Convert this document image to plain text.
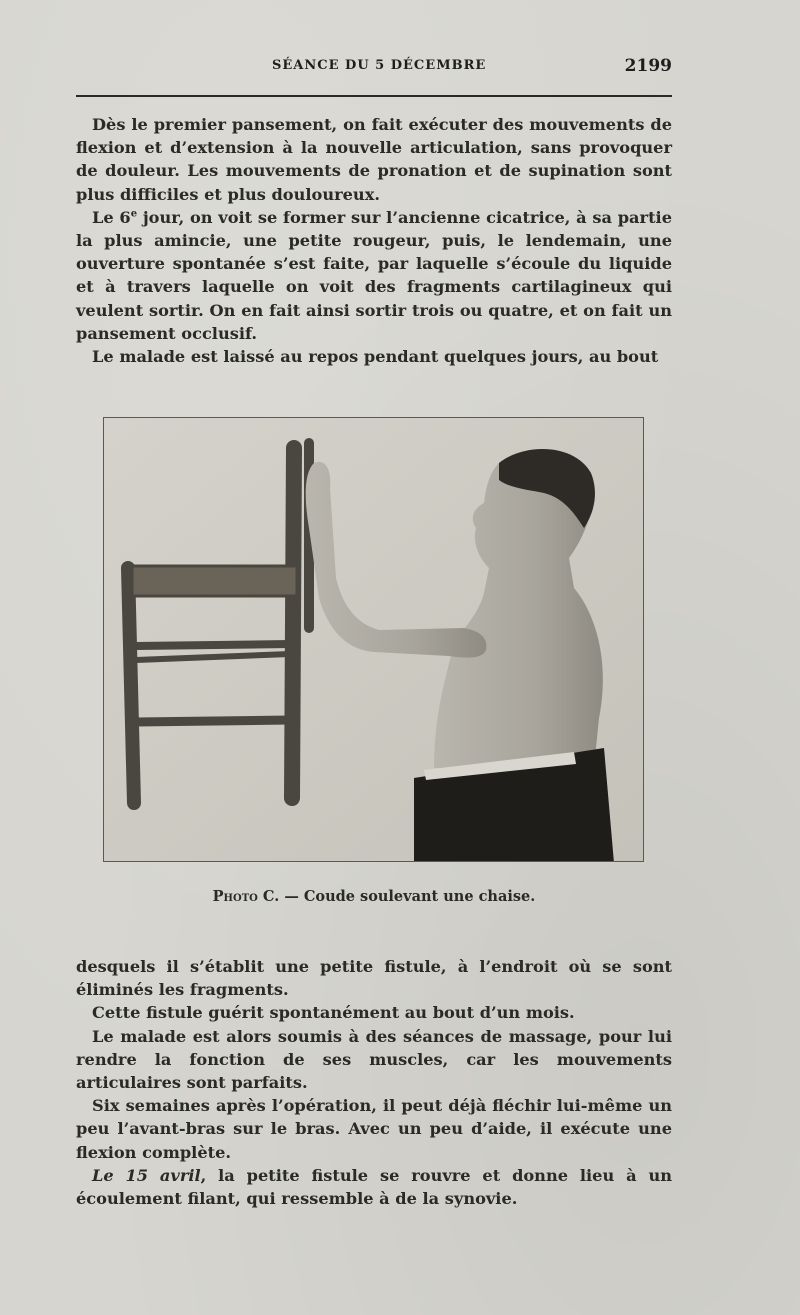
SÉANCE DU 5 DÉCEMBRE	2199

Dès le premier pansement, on fait exécuter des mouvements de flexion et d’extension à la nouvelle articulation, sans provoquer de douleur. Les mouvements de pronation et de supination sont plus difficiles et plus douloureux.

Le 6e jour, on voit se former sur l’ancienne cicatrice, à sa partie la plus amincie, une petite rougeur, puis, le lendemain, une ouverture spontanée s’est faite, par laquelle s’écoule du liquide et à travers laquelle on voit des fragments cartilagineux qui veulent sortir. On en fait ainsi sortir trois ou quatre, et on fait un pansement occlusif.

Le malade est laissé au repos pendant quelques jours, au bout

Photo C. — Coude soulevant une chaise.

desquels il s’établit une petite fistule, à l’endroit où se sont éliminés les fragments.

Cette fistule guérit spontanément au bout d’un mois.

Le malade est alors soumis à des séances de massage, pour lui rendre la fonction de ses muscles, car les mouvements articulaires sont parfaits.

Six semaines après l’opération, il peut déjà fléchir lui-même un peu l’avant-bras sur le bras. Avec un peu d’aide, il exécute une flexion complète.

Le 15 avril, la petite fistule se rouvre et donne lieu à un écoulement filant, qui ressemble à de la synovie.
